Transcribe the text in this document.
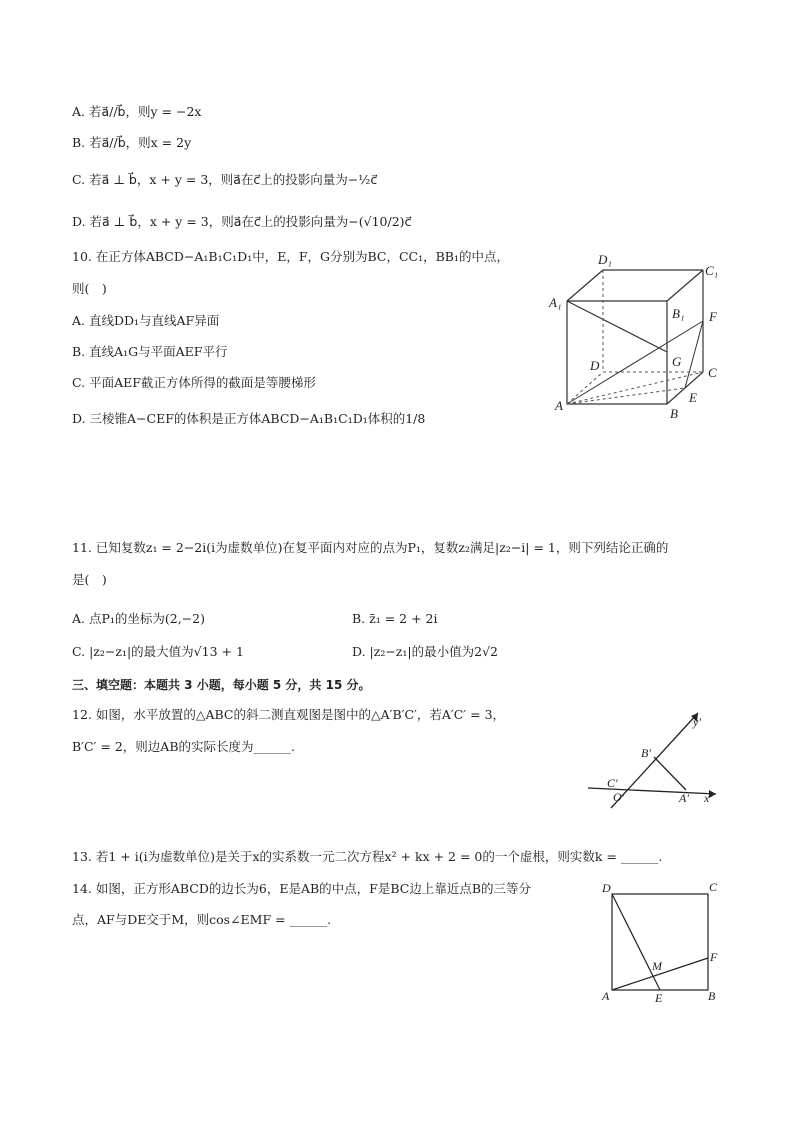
A. 若a⃗//b⃗，则y = −2x
B. 若a⃗//b⃗，则x = 2y
C. 若a⃗ ⊥ b⃗，x + y = 3，则a⃗在c⃗上的投影向量为−½c⃗
D. 若a⃗ ⊥ b⃗，x + y = 3，则a⃗在c⃗上的投影向量为−(√10/2)c⃗
10. 在正方体ABCD−A₁B₁C₁D₁中，E，F，G分别为BC，CC₁，BB₁的中点，
则(　)
A. 直线DD₁与直线AF异面
B. 直线A₁G与平面AEF平行
C. 平面AEF截正方体所得的截面是等腰梯形
D. 三棱锥A−CEF的体积是正方体ABCD−A₁B₁C₁D₁体积的1/8
D₁
C₁
A₁
B₁ F
D	G
C
E
A
B
11. 已知复数z₁ = 2−2i(i为虚数单位)在复平面内对应的点为P₁，复数z₂满足|z₂−i| = 1，则下列结论正确的
是(　)
A. 点P₁的坐标为(2,−2)	B. z̄₁ = 2 + 2i
C. |z₂−z₁|的最大值为√13 + 1	D. |z₂−z₁|的最小值为2√2
三、填空题：本题共 3 小题，每小题 5 分，共 15 分。
12. 如图，水平放置的△ABC的斜二测直观图是图中的△A′B′C′，若A′C′ = 3，
B′C′ = 2，则边AB的实际长度为______.
y′
B′
C′
O′	A′ x′
13. 若1 + i(i为虚数单位)是关于x的实系数一元二次方程x² + kx + 2 = 0的一个虚根，则实数k = ______.
14. 如图，正方形ABCD的边长为6，E是AB的中点，F是BC边上靠近点B的三等分
点，AF与DE交于M，则cos∠EMF = ______.
D	C
M
F
A	E	B
